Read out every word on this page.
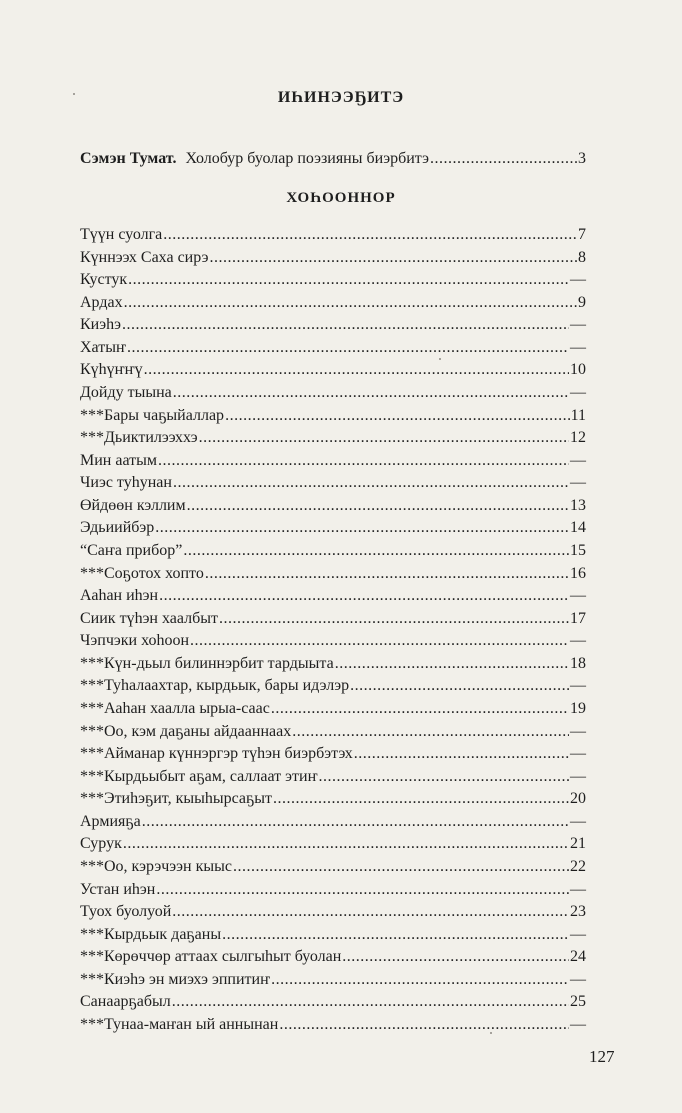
ИҺИНЭЭҔИТЭ
Сэмэн Тумат. Холобур буолар поэзияны биэрбитэ .....	3
ХОҺООННОР
Түүн суолга .....	7
Күннээх Саха сирэ .....	8
Кустук .....	—
Ардах .....	9
Киэһэ .....	—
Хатыҥ .....	—
Күһүҥҥү .....	10
Дойду тыына .....	—
***Бары чаҕыйаллар .....	11
***Дьиктилээххэ .....	12
Мин аатым .....	—
Чиэс туһунан .....	—
Өйдөөн кэллим .....	13
Эдьиийбэр .....	14
“Саҥа прибор” .....	15
***Соҕотох хопто .....	16
Ааһан иһэн .....	—
Сиик түһэн хаалбыт .....	17
Чэпчэки хоһоон .....	—
***Күн-дьыл билиннэрбит тардыыта .....	18
***Туһалаахтар, кырдьык, бары идэлэр .....	—
***Ааһан хаалла ырыа-саас .....	19
***Оо, кэм даҕаны айдааннаах .....	—
***Айманар күннэргэр түһэн биэрбэтэх .....	—
***Кырдьыбыт аҕам, саллаат этиҥ .....	—
***Этиһэҕит, кыыһырсаҕыт .....	20
Армияҕа .....	—
Сурук .....	21
***Оо, кэрэчээн кыыс .....	22
Устан иһэн .....	—
Туох буолуой .....	23
***Кырдьык даҕаны .....	—
***Көрөччөр аттаах сылгыһыт буолан .....	24
***Киэһэ эн миэхэ эппитиҥ .....	—
Санаарҕабыл .....	25
***Тунаа-маҥан ый аннынан .....	—
127
